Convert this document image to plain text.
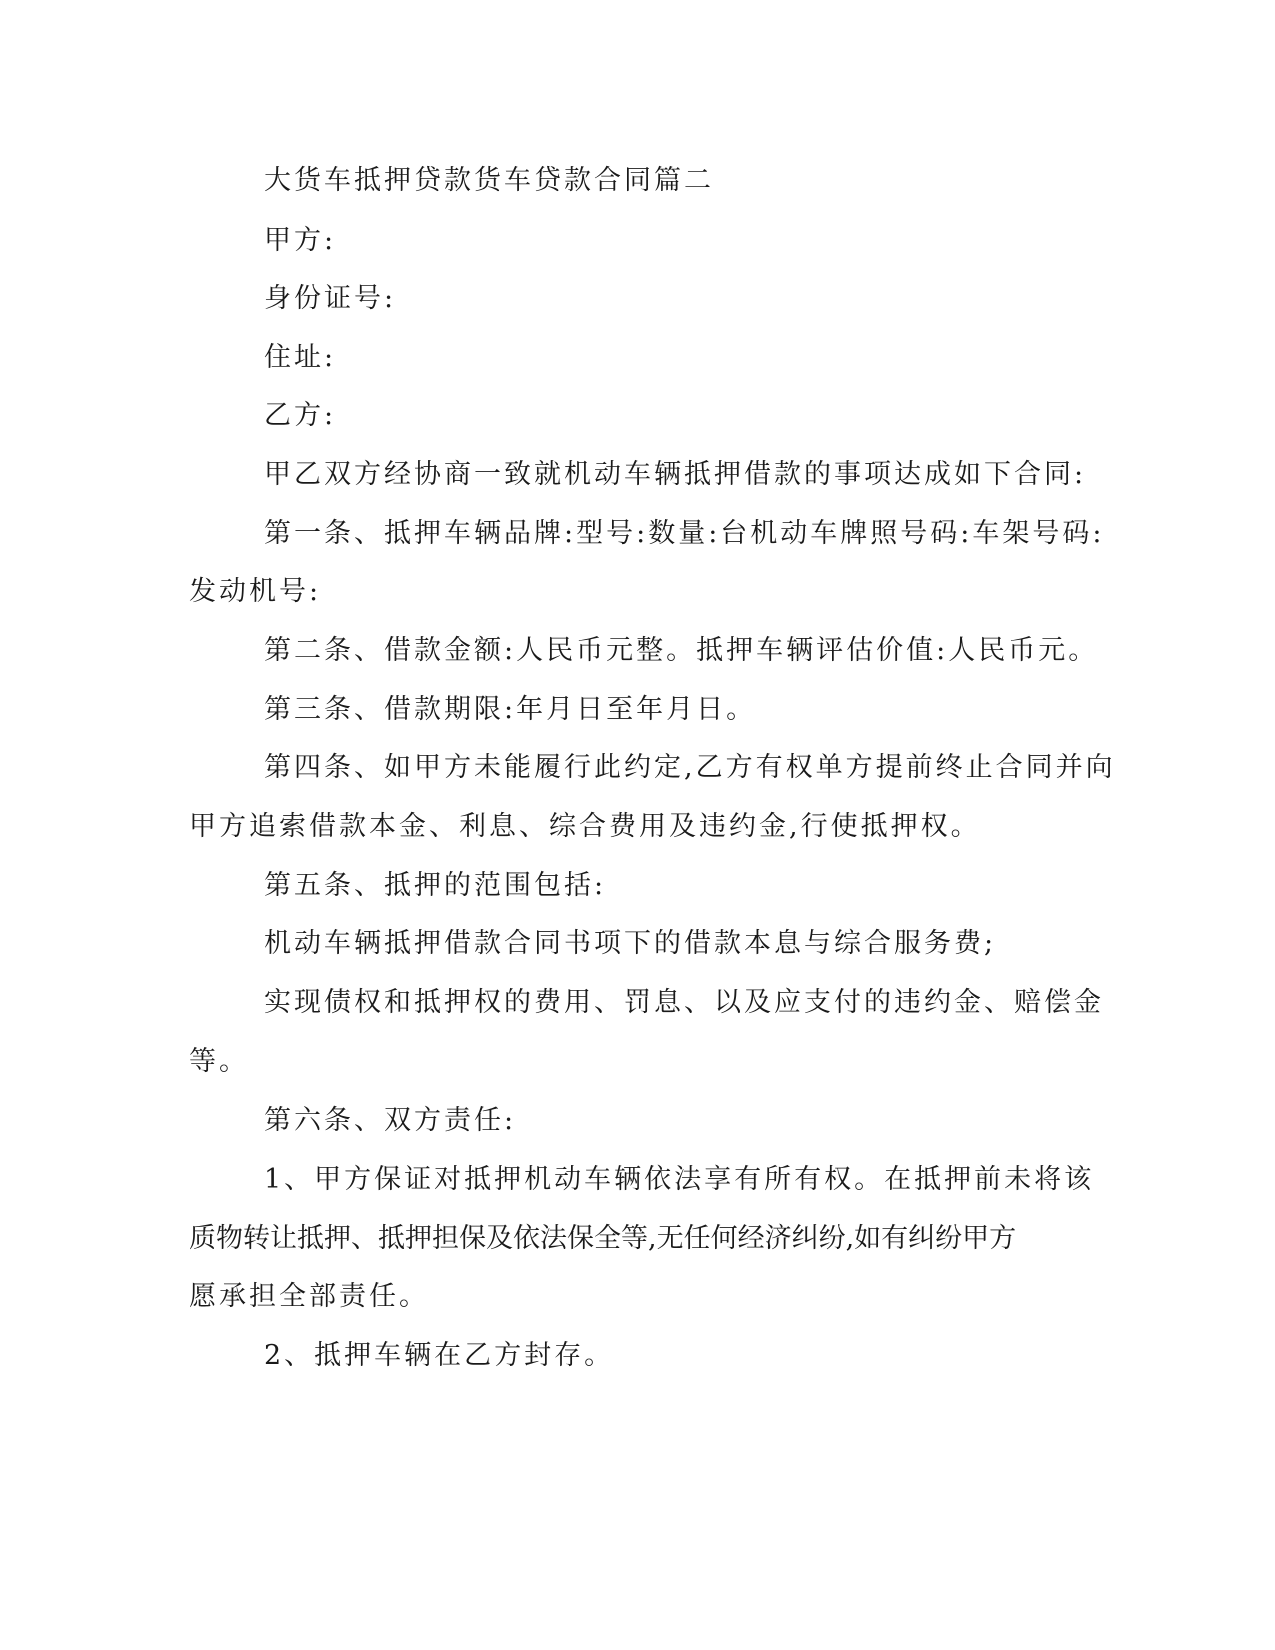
大货车抵押贷款货车贷款合同篇二

甲方:

身份证号:

住址:

乙方:

甲乙双方经协商一致就机动车辆抵押借款的事项达成如下合同:

第一条、抵押车辆品牌:型号:数量:台机动车牌照号码:车架号码:

发动机号:

第二条、借款金额:人民币元整。抵押车辆评估价值:人民币元。

第三条、借款期限:年月日至年月日。

第四条、如甲方未能履行此约定,乙方有权单方提前终止合同并向

甲方追索借款本金、利息、综合费用及违约金,行使抵押权。

第五条、抵押的范围包括:

机动车辆抵押借款合同书项下的借款本息与综合服务费;

实现债权和抵押权的费用、罚息、以及应支付的违约金、赔偿金

等。

第六条、双方责任:

1、甲方保证对抵押机动车辆依法享有所有权。在抵押前未将该

质物转让抵押、抵押担保及依法保全等,无任何经济纠纷,如有纠纷甲方

愿承担全部责任。

2、抵押车辆在乙方封存。
